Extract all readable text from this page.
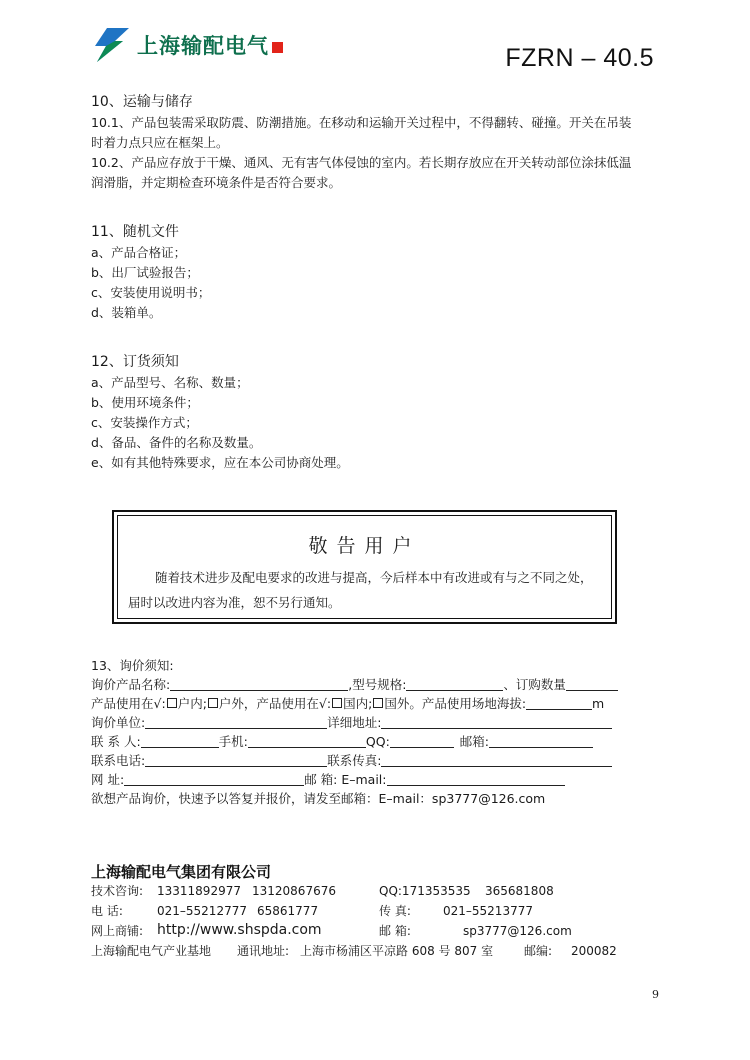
上海输配电气	FZRN – 40.5
10、运输与储存
10.1、产品包装需采取防震、防潮措施。在移动和运输开关过程中，不得翻转、碰撞。开关在吊装
时着力点只应在框架上。
10.2、产品应存放于干燥、通风、无有害气体侵蚀的室内。若长期存放应在开关转动部位涂抹低温
润滑脂，并定期检查环境条件是否符合要求。
11、随机文件
a、产品合格证；
b、出厂试验报告；
c、安装使用说明书；
d、装箱单。
12、订货须知
a、产品型号、名称、数量；
b、使用环境条件；
c、安装操作方式；
d、备品、备件的名称及数量。
e、如有其他特殊要求，应在本公司协商处理。
敬告用户
随着技术进步及配电要求的改进与提高，今后样本中有改进或有与之不同之处，届时以改进内容为准，恕不另行通知。
13、询价须知:
询价产品名称:	,型号规格:	、订购数量
产品使用在√: 户内; 户外，产品使用在√: 国内; 国外。产品使用场地海拔:	m
询价单位:	详细地址:
联 系 人:	手机:	QQ:	邮箱:
联系电话:	联系传真:
网 址:	邮 箱: E–mail:
欲想产品询价，快速予以答复并报价，请发至邮箱：E–mail：sp3777@126.com
上海输配电气集团有限公司
技术咨询: 13311892977 13120867676	QQ:171353535 365681808
电 话:	021–55212777 65861777	传 真:	021–55213777
网上商铺: http://www.shspda.com	邮 箱:	sp3777@126.com
上海输配电气产业基地 通讯地址: 上海市杨浦区平凉路 608 号 807 室	邮编: 200082
9
